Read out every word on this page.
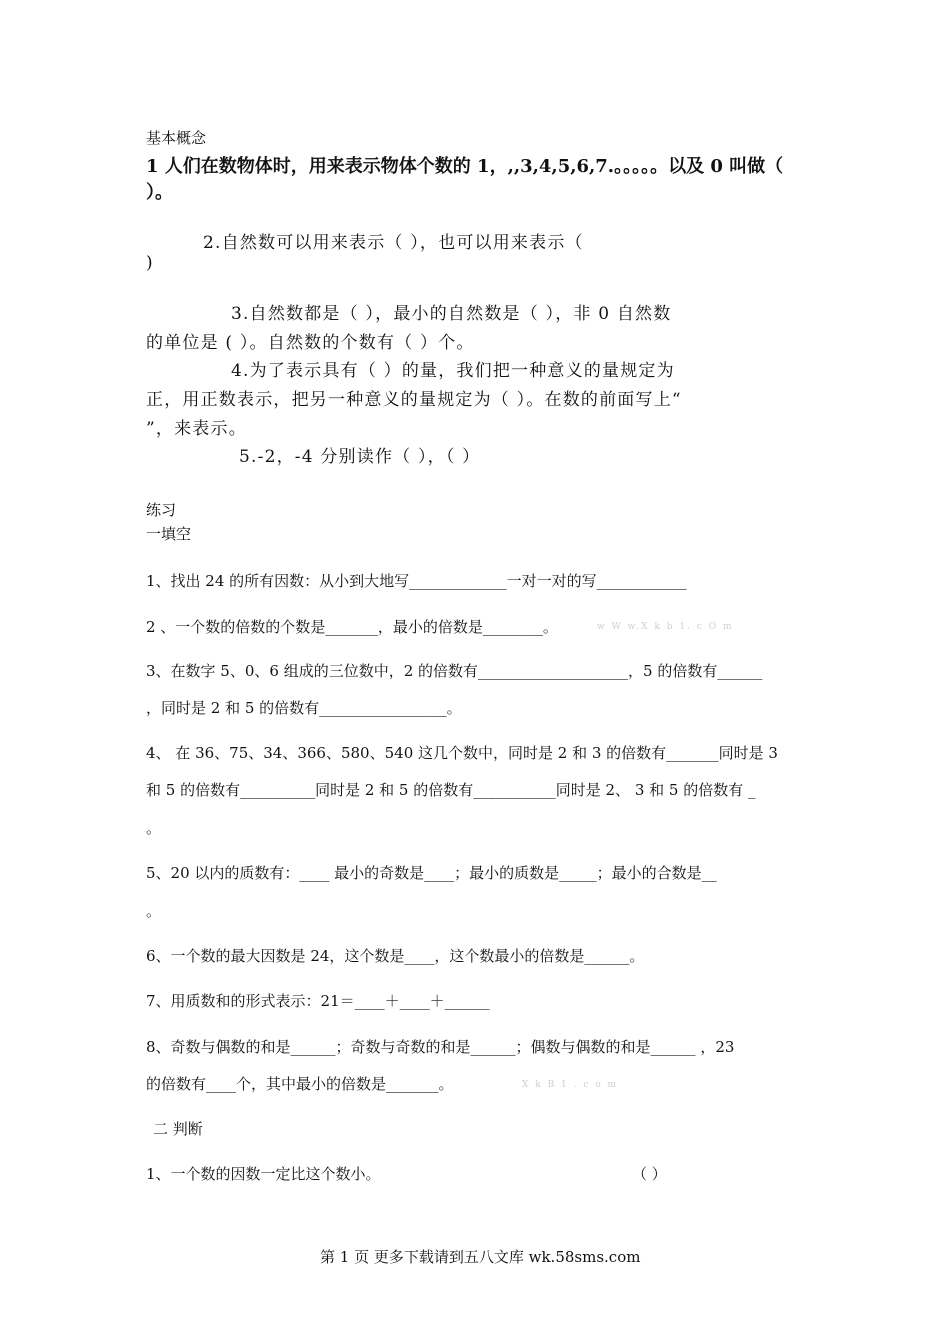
基本概念
1 人们在数物体时，用来表示物体个数的 1，,,3,4,5,6,7.。。。。。以及 0 叫做（
）。
2.自然数可以用来表示（ ），也可以用来表示（
)
3.自然数都是（ ），最小的自然数是（ ），非 0 自然数
的单位是 ( ）。自然数的个数有（ ）个。
4.为了表示具有（ ）的量，我们把一种意义的量规定为
正，用正数表示，把另一种意义的量规定为（ ）。在数的前面写上“
”，来表示。
5.-2，-4 分别读作（ ），（ ）
练习
一填空
1、找出 24 的所有因数：从小到大地写_____________一对一对的写____________
2 、一个数的倍数的个数是_______，最小的倍数是________。	w W w.X k b 1. c O m
3、在数字 5、0、6 组成的三位数中，2 的倍数有____________________，5 的倍数有______
，同时是 2 和 5 的倍数有_________________。
4、 在 36、75、34、366、580、540 这几个数中，同时是 2 和 3 的倍数有_______同时是 3
和 5 的倍数有__________同时是 2 和 5 的倍数有___________同时是 2、 3 和 5 的倍数有 _
。
5、20 以内的质数有：____ 最小的奇数是____；最小的质数是_____；最小的合数是__
。
6、一个数的最大因数是 24，这个数是____，这个数最小的倍数是______。
7、用质数和的形式表示：21＝____＋____＋______
8、奇数与偶数的和是______；奇数与奇数的和是______；偶数与偶数的和是______ ，23
的倍数有____个，其中最小的倍数是_______。	X k B 1 . c o m
二 判断
1、一个数的因数一定比这个数小。	（ ）
第 1 页 更多下载请到五八文库 wk.58sms.com
